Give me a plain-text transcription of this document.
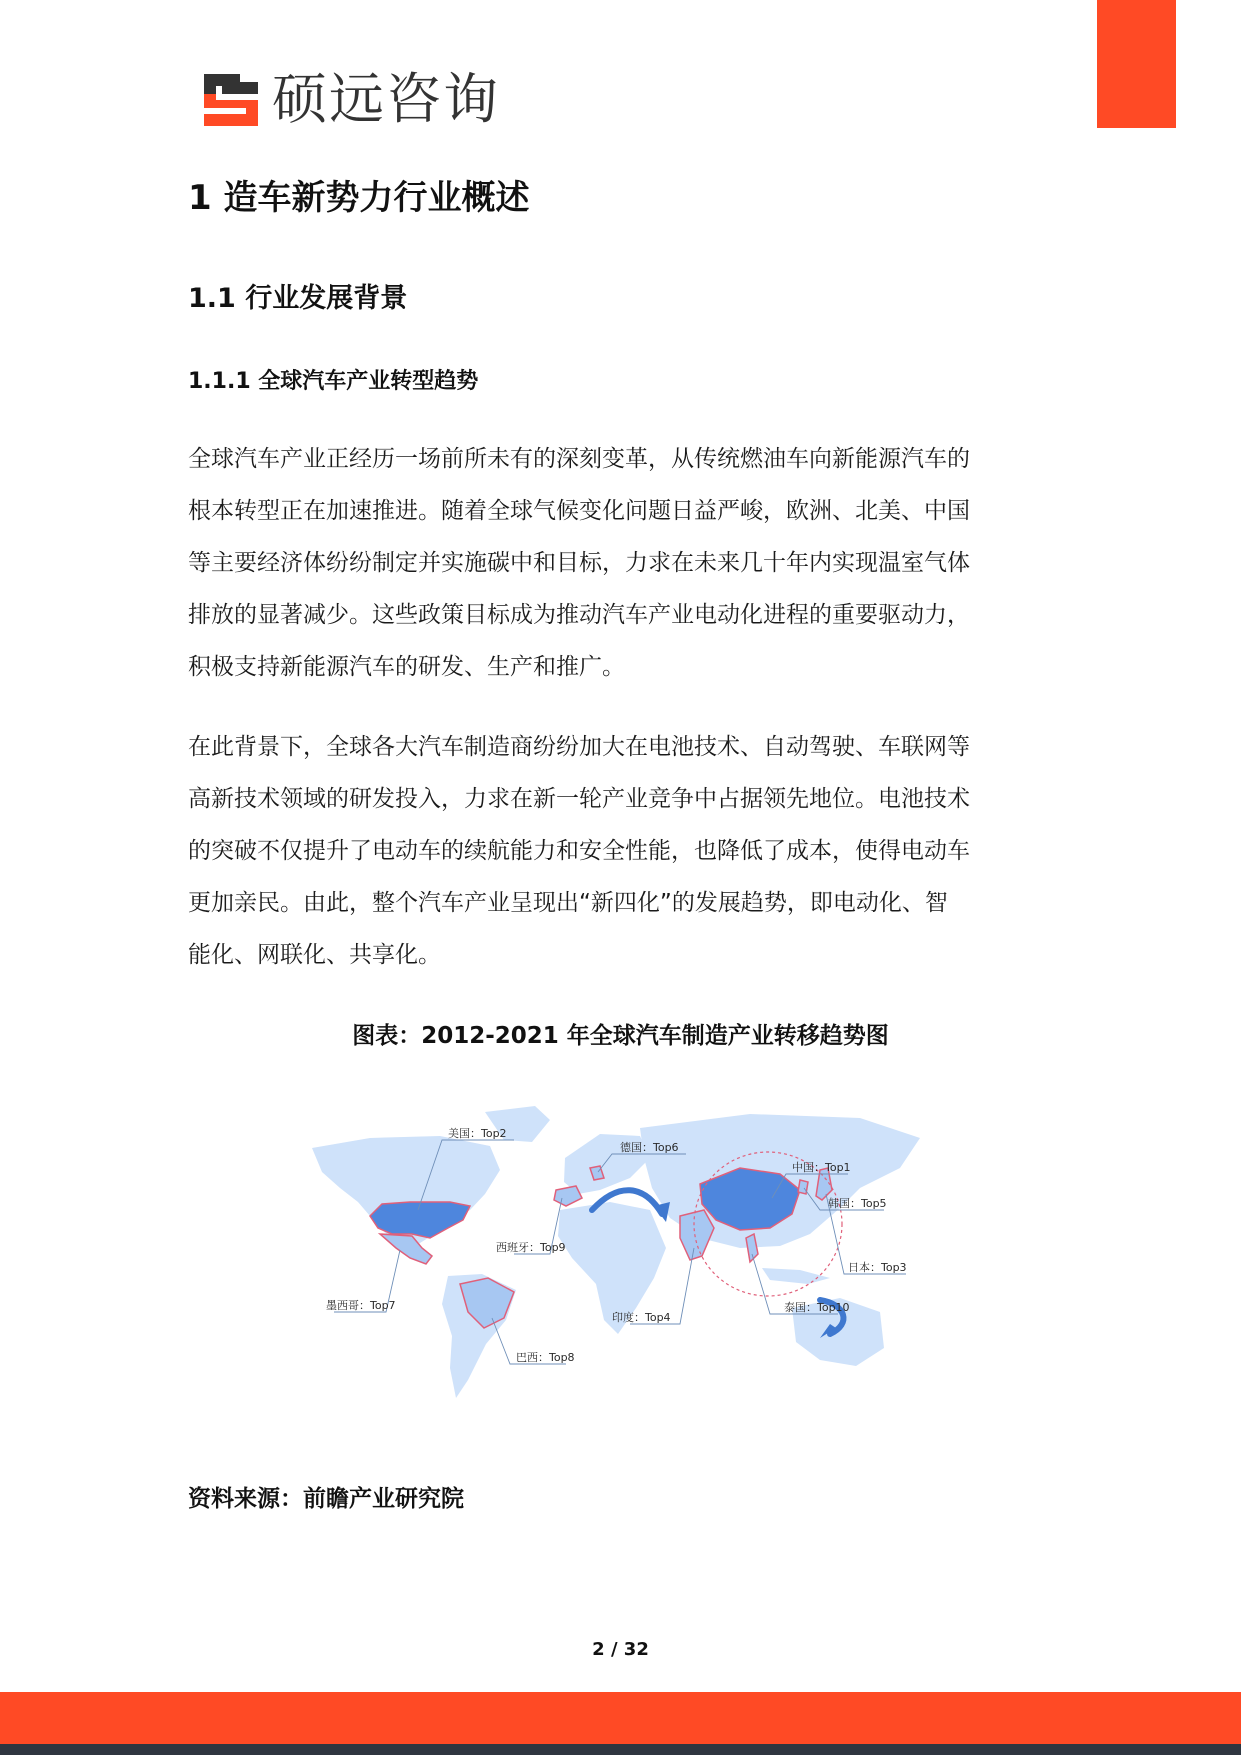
硕远咨询
1 造车新势力行业概述
1.1 行业发展背景
1.1.1 全球汽车产业转型趋势

全球汽车产业正经历一场前所未有的深刻变革，从传统燃油车向新能源汽车的
根本转型正在加速推进。随着全球气候变化问题日益严峻，欧洲、北美、中国
等主要经济体纷纷制定并实施碳中和目标，力求在未来几十年内实现温室气体
排放的显著减少。这些政策目标成为推动汽车产业电动化进程的重要驱动力，
积极支持新能源汽车的研发、生产和推广。

在此背景下，全球各大汽车制造商纷纷加大在电池技术、自动驾驶、车联网等
高新技术领域的研发投入，力求在新一轮产业竞争中占据领先地位。电池技术
的突破不仅提升了电动车的续航能力和安全性能，也降低了成本，使得电动车
更加亲民。由此，整个汽车产业呈现出“新四化”的发展趋势，即电动化、智
能化、网联化、共享化。

图表：2012-2021 年全球汽车制造产业转移趋势图
美国：Top2
德国：Top6
中国：Top1
韩国：Top5
西班牙：Top9
日本：Top3
墨西哥：Top7	泰国：Top10
印度：Top4
巴西：Top8
资料来源：前瞻产业研究院
2 / 32
